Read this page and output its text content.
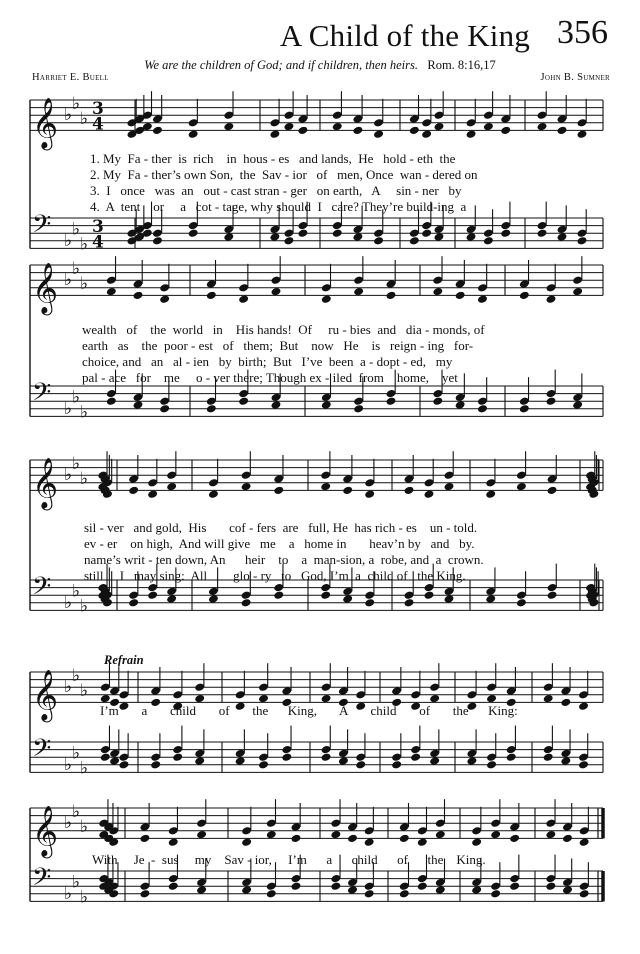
A Child of the King 356
We are the children of God; and if children, then heirs. Rom. 8:16,17
Harriet E. Buell	John B. Sumner
𝄞
𝄢
♭
♭
♭
♭
♭
♭
3
4
3
4
𝄞
𝄢
♭
♭
♭
♭
♭
♭
𝄞
𝄢
♭
♭
♭
♭
♭
♭
𝄞
𝄢
♭
♭
♭
♭
♭
♭
𝄞
𝄢
♭
♭
♭
♭
♭
♭
Refrain
1. My  Fa - ther  is  rich    in  hous - es   and lands,  He   hold - eth  the
2. My  Fa - ther’s own Son,  the  Sav - ior   of   men, Once  wan - dered on
3.  I   once   was  an   out - cast stran - ger   on earth,   A     sin - ner   by
4.  A  tent    or     a   cot - tage, why should  I   care? They’re build-ing  a
wealth   of    the  world   in    His hands!  Of     ru - bies  and   dia - monds, of
earth   as    the  poor - est   of   them;  But    now   He    is   reign - ing   for-
choice, and   an   al - ien   by  birth;  But   I’ve  been  a - dopt - ed,   my
pal - ace   for    me     o - ver there; Though ex - iled  from    home,    yet
sil - ver   and gold,  His       cof - fers  are   full, He  has rich - es    un - told.
ev - er    on high,  And will give   me    a   home in       heav’n by   and   by.
name’s writ - ten down, An      heir    to    a  man-sion, a  robe, and  a  crown.
still     I   may sing:  All        glo - ry   to   God, I’m  a  child of   the King.
I’m       a       child       of       the      King,       A       child       of       the      King:
With     Je  -  sus     my    Sav - ior,     I’m      a      child      of      the    King.
